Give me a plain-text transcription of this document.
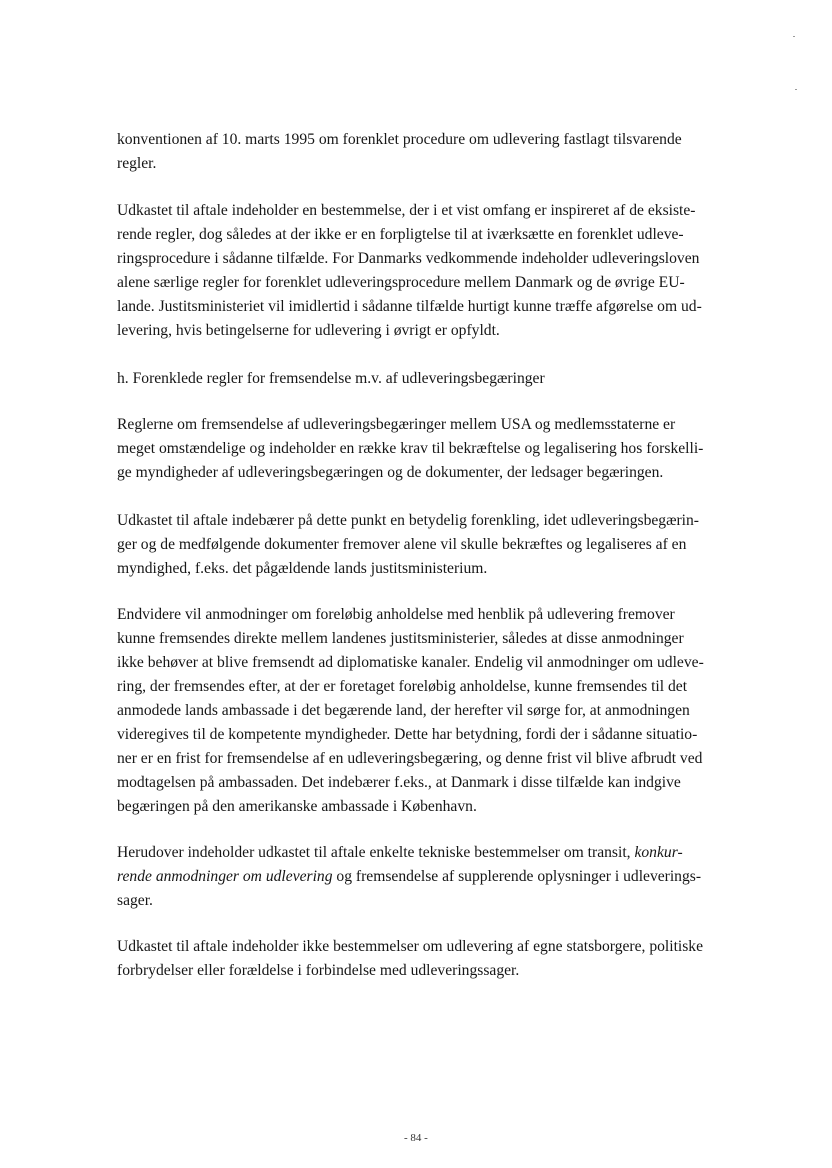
konventionen af 10. marts 1995 om forenklet procedure om udlevering fastlagt tilsvarende
regler.

Udkastet til aftale indeholder en bestemmelse, der i et vist omfang er inspireret af de eksiste-
rende regler, dog således at der ikke er en forpligtelse til at iværksætte en forenklet udleve-
ringsprocedure i sådanne tilfælde. For Danmarks vedkommende indeholder udleveringsloven
alene særlige regler for forenklet udleveringsprocedure mellem Danmark og de øvrige EU-
lande. Justitsministeriet vil imidlertid i sådanne tilfælde hurtigt kunne træffe afgørelse om ud-
levering, hvis betingelserne for udlevering i øvrigt er opfyldt.

h. Forenklede regler for fremsendelse m.v. af udleveringsbegæringer

Reglerne om fremsendelse af udleveringsbegæringer mellem USA og medlemsstaterne er
meget omstændelige og indeholder en række krav til bekræftelse og legalisering hos forskelli-
ge myndigheder af udleveringsbegæringen og de dokumenter, der ledsager begæringen.

Udkastet til aftale indebærer på dette punkt en betydelig forenkling, idet udleveringsbegærin-
ger og de medfølgende dokumenter fremover alene vil skulle bekræftes og legaliseres af en
myndighed, f.eks. det pågældende lands justitsministerium.

Endvidere vil anmodninger om foreløbig anholdelse med henblik på udlevering fremover
kunne fremsendes direkte mellem landenes justitsministerier, således at disse anmodninger
ikke behøver at blive fremsendt ad diplomatiske kanaler. Endelig vil anmodninger om udleve-
ring, der fremsendes efter, at der er foretaget foreløbig anholdelse, kunne fremsendes til det
anmodede lands ambassade i det begærende land, der herefter vil sørge for, at anmodningen
videregives til de kompetente myndigheder. Dette har betydning, fordi der i sådanne situatio-
ner er en frist for fremsendelse af en udleveringsbegæring, og denne frist vil blive afbrudt ved
modtagelsen på ambassaden. Det indebærer f.eks., at Danmark i disse tilfælde kan indgive
begæringen på den amerikanske ambassade i København.

Herudover indeholder udkastet til aftale enkelte tekniske bestemmelser om transit, konkur-
rende anmodninger om udlevering og fremsendelse af supplerende oplysninger i udleverings-
sager.

Udkastet til aftale indeholder ikke bestemmelser om udlevering af egne statsborgere, politiske
forbrydelser eller forældelse i forbindelse med udleveringssager.

- 84 -
